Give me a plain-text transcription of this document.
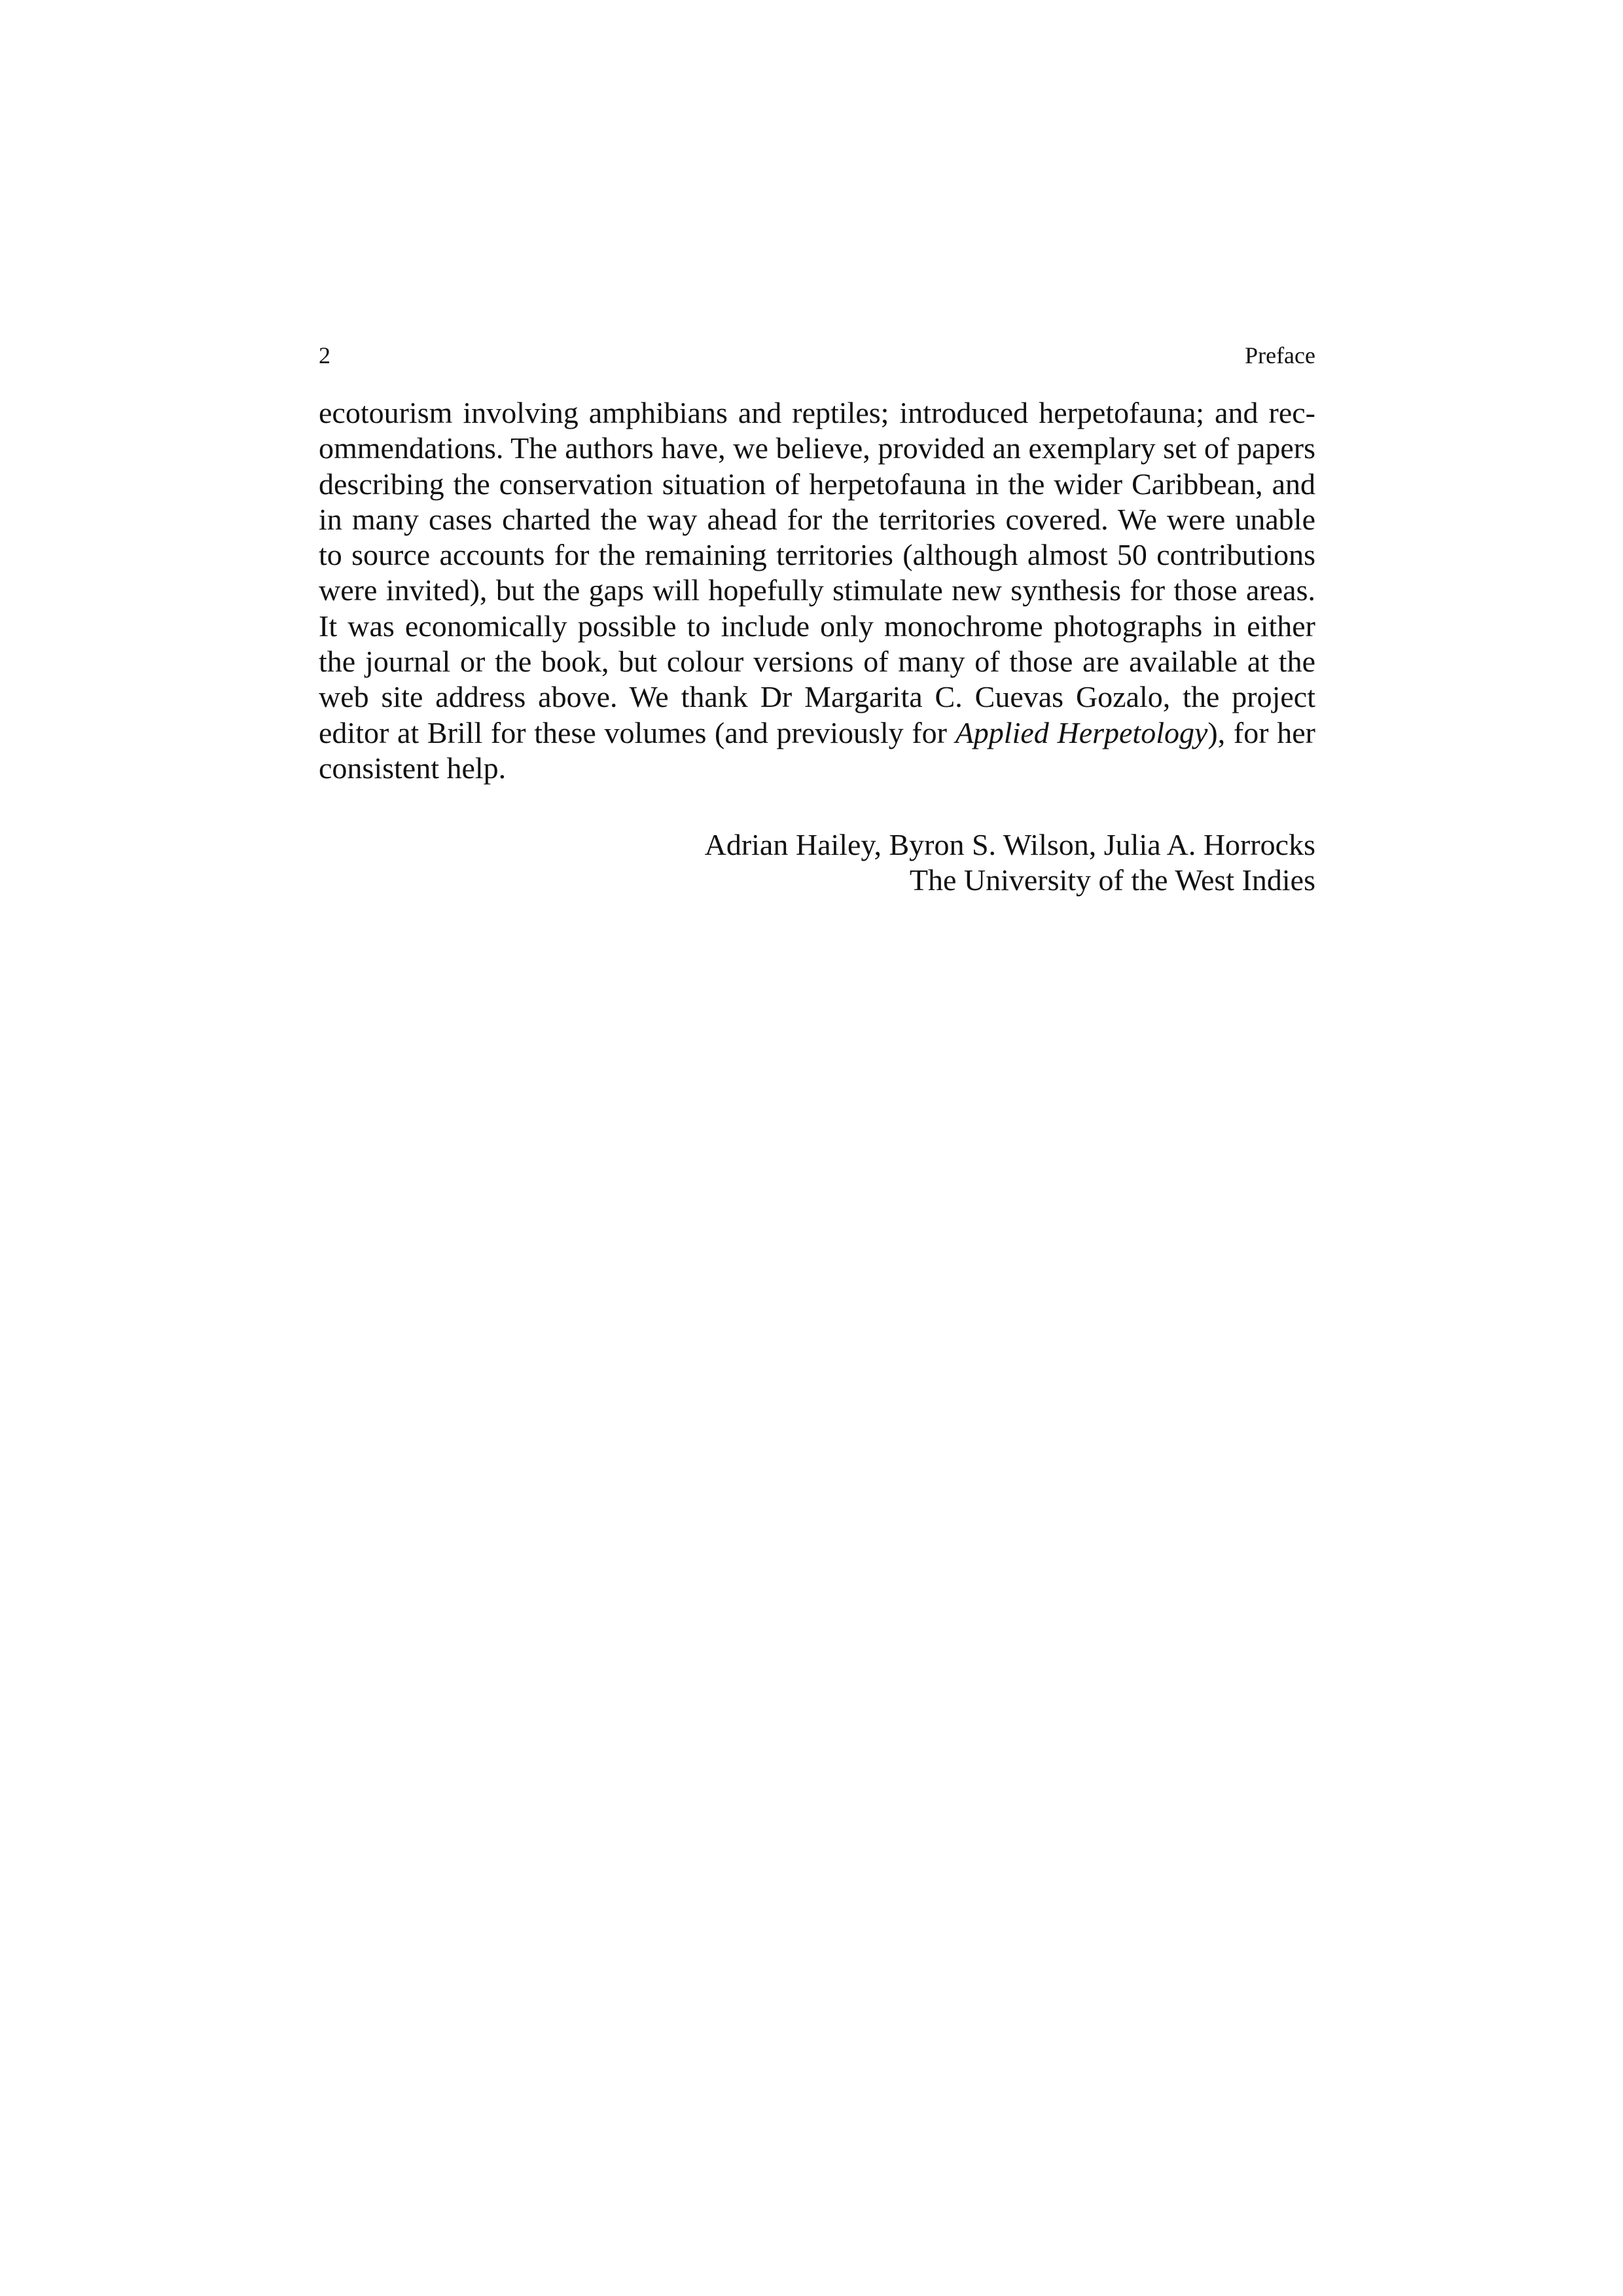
2	Preface

ecotourism involving amphibians and reptiles; introduced herpetofauna; and recommendations. The authors have, we believe, provided an exemplary set of papers describing the conservation situation of herpetofauna in the wider Caribbean, and in many cases charted the way ahead for the territories covered. We were unable to source accounts for the remaining territories (although almost 50 contributions were invited), but the gaps will hopefully stimulate new synthesis for those areas. It was economically possible to include only monochrome photographs in either the journal or the book, but colour versions of many of those are available at the web site address above. We thank Dr Margarita C. Cuevas Gozalo, the project editor at Brill for these volumes (and previously for Applied Herpetology), for her consistent help.

Adrian Hailey, Byron S. Wilson, Julia A. Horrocks
The University of the West Indies
